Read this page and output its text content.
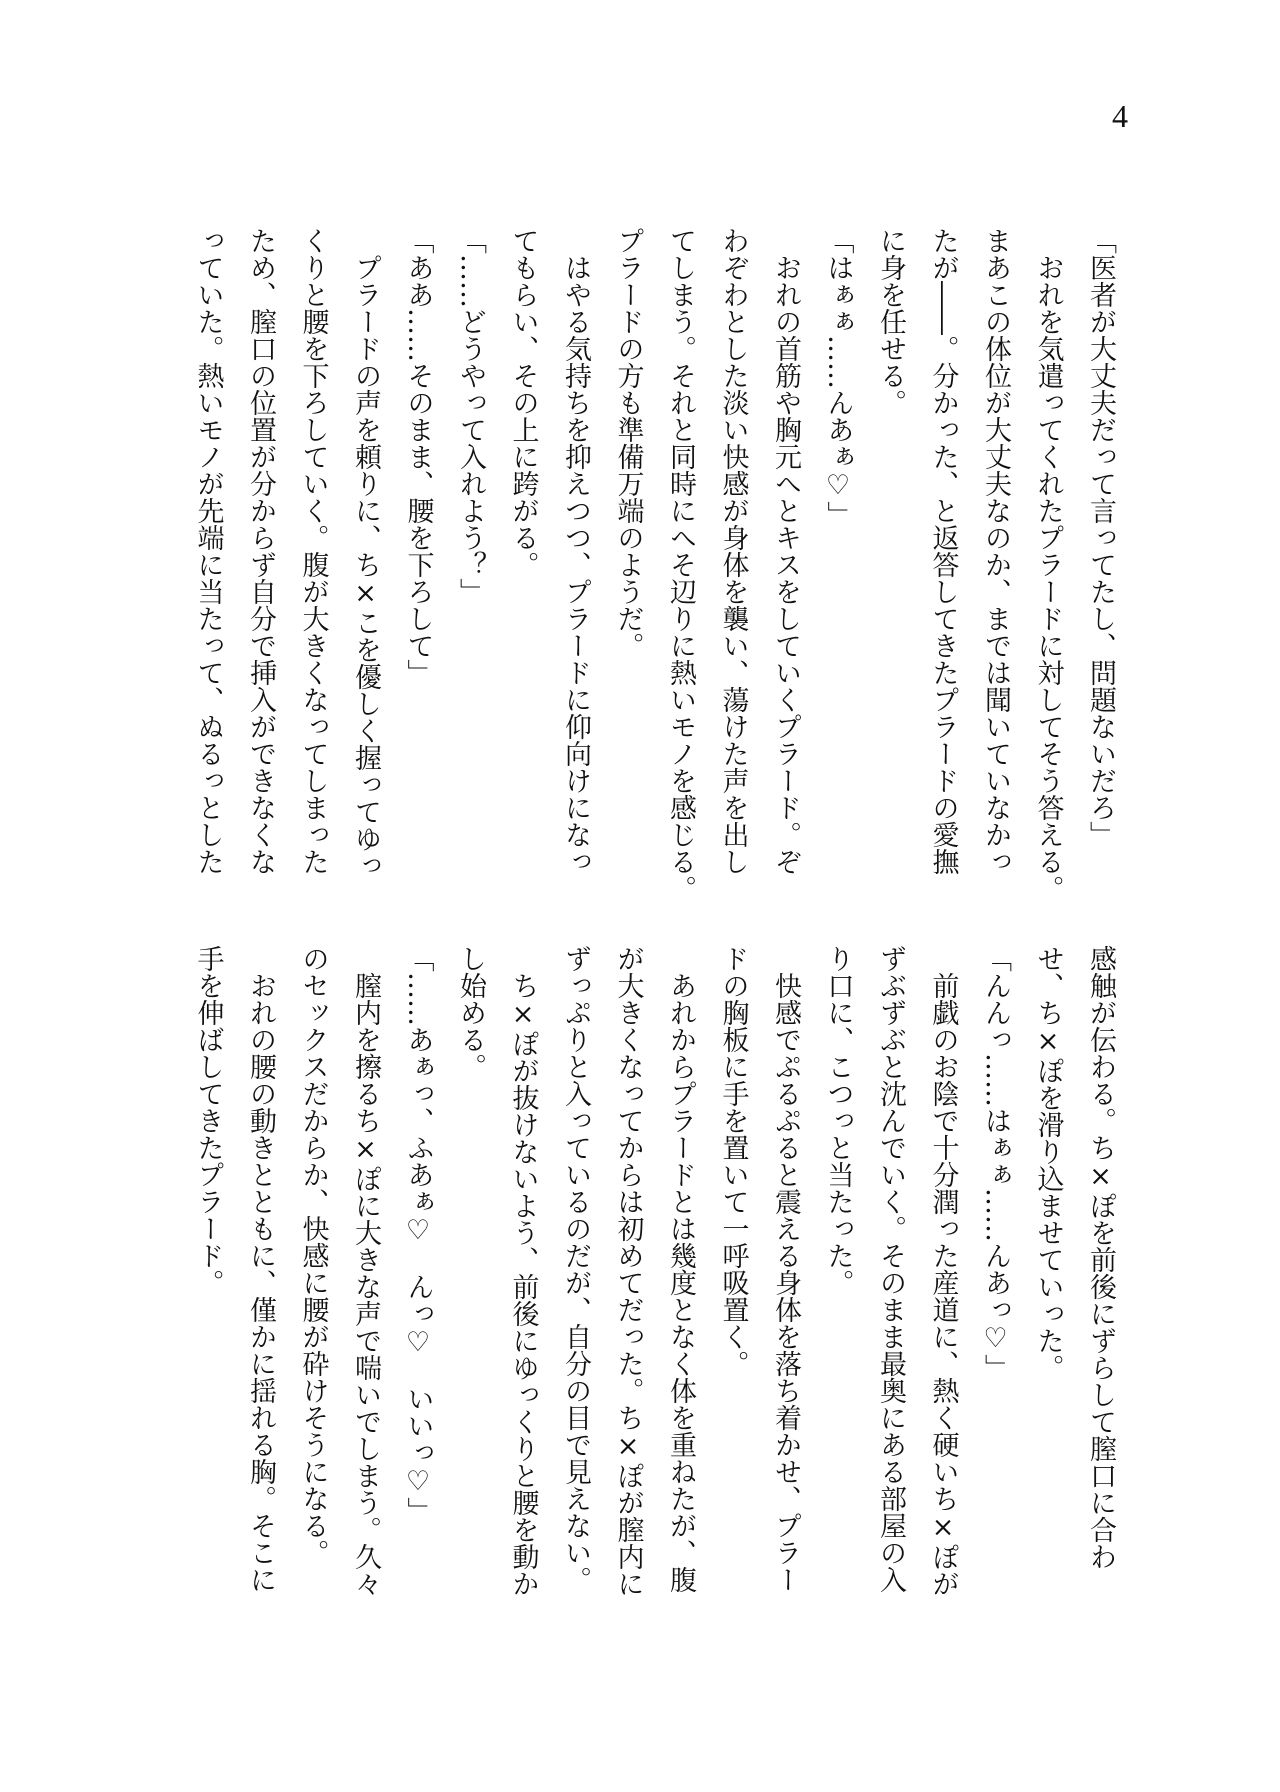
4
「医者が大丈夫だって言ってたし、問題ないだろ」
　おれを気遣ってくれたプラードに対してそう答える。
まあこの体位が大丈夫なのか、までは聞いていなかっ
たが――。分かった、と返答してきたプラードの愛撫
に身を任せる。
「はぁぁ……んあぁ♡」
　おれの首筋や胸元へとキスをしていくプラード。ぞ
わぞわとした淡い快感が身体を襲い、蕩けた声を出し
てしまう。それと同時にへそ辺りに熱いモノを感じる。
プラードの方も準備万端のようだ。
　はやる気持ちを抑えつつ、プラードに仰向けになっ
てもらい、その上に跨がる。
「……どうやって入れよう？」
「ああ……そのまま、腰を下ろして」
　プラードの声を頼りに、ち×こを優しく握ってゆっ
くりと腰を下ろしていく。腹が大きくなってしまった
ため、膣口の位置が分からず自分で挿入ができなくな
っていた。熱いモノが先端に当たって、ぬるっとした
感触が伝わる。ち×ぽを前後にずらして膣口に合わ
せ、ち×ぽを滑り込ませていった。
「んんっ……はぁぁ……んあっ♡」
　前戯のお陰で十分潤った産道に、熱く硬いち×ぽが
ずぶずぶと沈んでいく。そのまま最奥にある部屋の入
り口に、こつっと当たった。
　快感でぷるぷると震える身体を落ち着かせ、プラー
ドの胸板に手を置いて一呼吸置く。
　あれからプラードとは幾度となく体を重ねたが、腹
が大きくなってからは初めてだった。ち×ぽが膣内に
ずっぷりと入っているのだが、自分の目で見えない。
　ち×ぽが抜けないよう、前後にゆっくりと腰を動か
し始める。
「……あぁっ、ふあぁ♡　んっ♡　いいっ♡」
　膣内を擦るち×ぽに大きな声で喘いでしまう。久々
のセックスだからか、快感に腰が砕けそうになる。
　おれの腰の動きとともに、僅かに揺れる胸。そこに
手を伸ばしてきたプラード。
